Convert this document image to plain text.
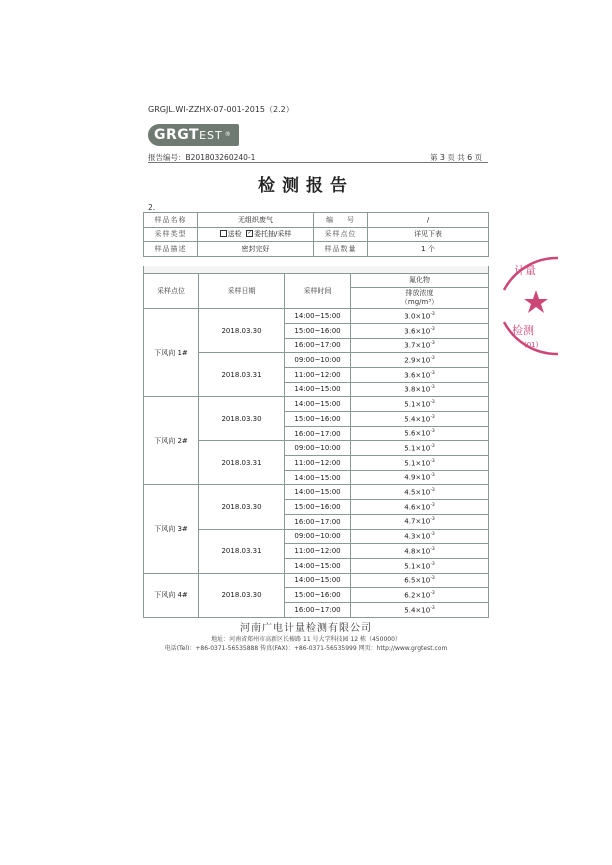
GRGJL.WI-ZZHX-07-001-2015（2.2）
GRGTEST ®
报告编号：B201803260240-1	第 3 页 共 6 页
检测报告
2.
样品名称	无组织废气	编    号	/
采样类型	送检 ✓ 委托抽/采样	采样点位	详见下表
样品描述	密封完好	样品数量	1 个

采样点位	采样日期	采样时间	氟化物

			排放浓度
（mg/m³）

下风向 1#	2018.03.30	14:00~15:00	$3.0\times 10^{-3}$
		15:00~16:00	$3.6\times 10^{-3}$
		16:00~17:00	$3.7\times 10^{-3}$
	2018.03.31	09:00~10:00	$2.9\times 10^{-3}$
		11:00~12:00	$3.6\times 10^{-3}$
		14:00~15:00	$3.8\times 10^{-3}$
下风向 2#	2018.03.30	14:00~15:00	$5.1\times 10^{-3}$
		15:00~16:00	$5.4\times 10^{-3}$
		16:00~17:00	$5.6\times 10^{-3}$
	2018.03.31	09:00~10:00	$5.1\times 10^{-3}$
		11:00~12:00	$5.1\times 10^{-3}$
		14:00~15:00	$4.9\times 10^{-3}$
下风向 3#	2018.03.30	14:00~15:00	$4.5\times 10^{-3}$
		15:00~16:00	$4.6\times 10^{-3}$
		16:00~17:00	$4.7\times 10^{-3}$
	2018.03.31	09:00~10:00	$4.3\times 10^{-3}$
		11:00~12:00	$4.8\times 10^{-3}$
		14:00~15:00	$5.1\times 10^{-3}$
下风向 4#	2018.03.30	14:00~15:00	$6.5\times 10^{-3}$
		15:00~16:00	$6.2\times 10^{-3}$
		16:00~17:00	$5.4\times 10^{-3}$
河南广电计量检测有限公司
地址：河南省郑州市高新区长椿路 11 号大学科技园 12 栋（450000）
电话(Tel)：+86-0371-56535888 传真(FAX)：+86-0371-56535999 网页：http://www.grgtest.com
计量
检测
(01)
